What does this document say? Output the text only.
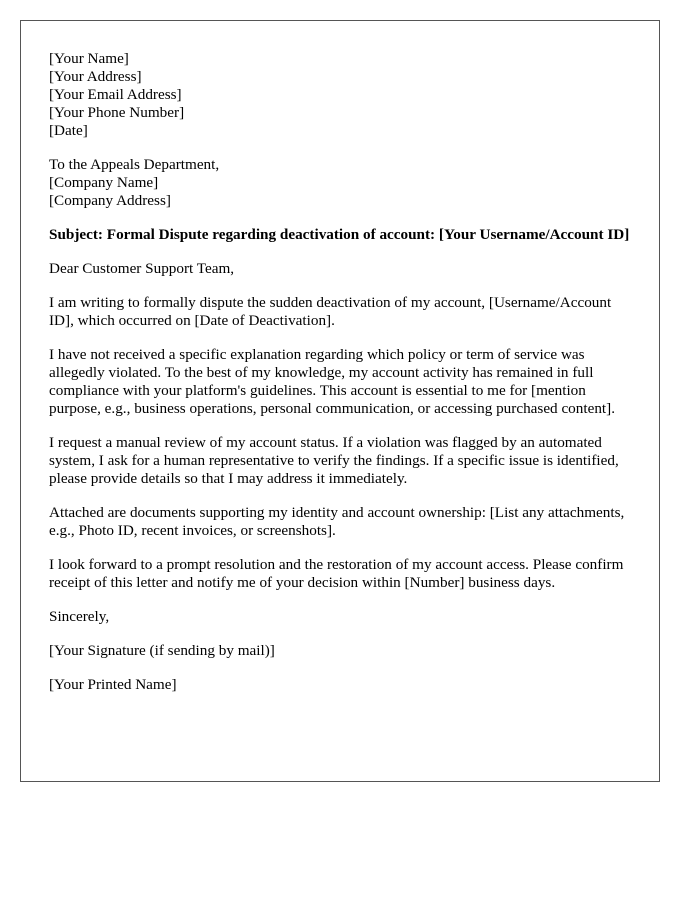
[Your Name]
[Your Address]
[Your Email Address]
[Your Phone Number]
[Date]
To the Appeals Department,
[Company Name]
[Company Address]

Subject: Formal Dispute regarding deactivation of account: [Your Username/Account ID]

Dear Customer Support Team,

I am writing to formally dispute the sudden deactivation of my account, [Username/Account ID], which occurred on [Date of Deactivation].

I have not received a specific explanation regarding which policy or term of service was allegedly violated. To the best of my knowledge, my account activity has remained in full compliance with your platform's guidelines. This account is essential to me for [mention purpose, e.g., business operations, personal communication, or accessing purchased content].

I request a manual review of my account status. If a violation was flagged by an automated system, I ask for a human representative to verify the findings. If a specific issue is identified, please provide details so that I may address it immediately.

Attached are documents supporting my identity and account ownership: [List any attachments, e.g., Photo ID, recent invoices, or screenshots].

I look forward to a prompt resolution and the restoration of my account access. Please confirm receipt of this letter and notify me of your decision within [Number] business days.

Sincerely,

[Your Signature (if sending by mail)]

[Your Printed Name]
